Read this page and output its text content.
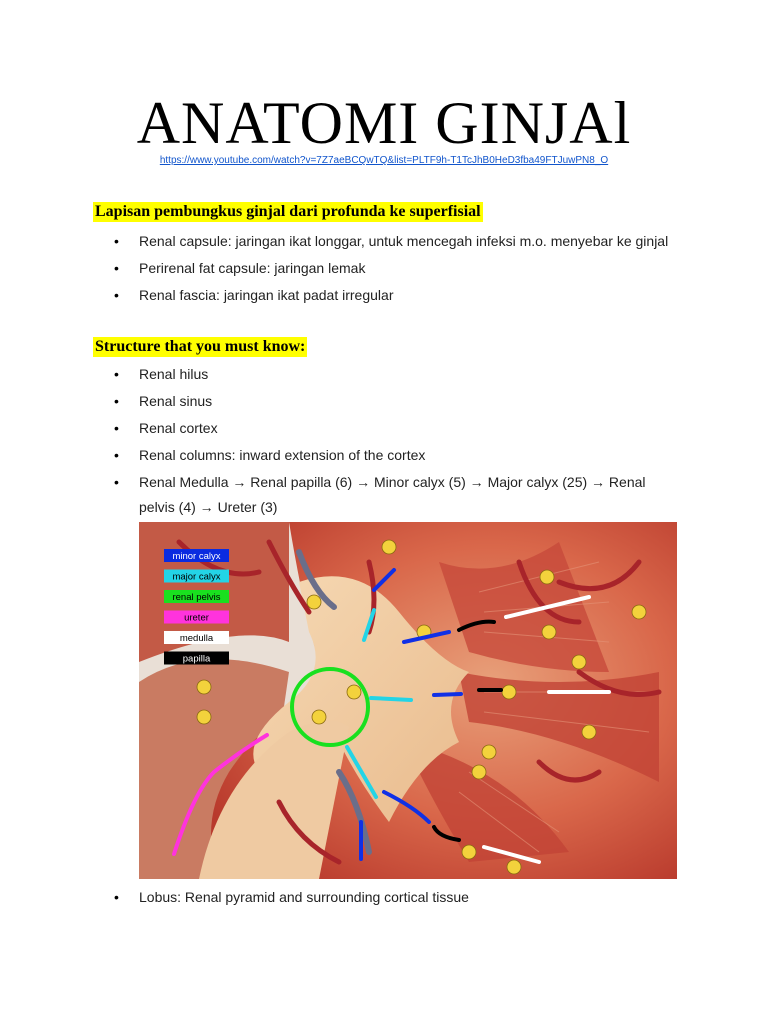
ANATOMI GINJAl
https://www.youtube.com/watch?v=7Z7aeBCQwTQ&list=PLTF9h-T1TcJhB0HeD3fba49FTJuwPN8_O
Lapisan pembungkus ginjal dari profunda ke superfisial
• Renal capsule: jaringan ikat longgar, untuk mencegah infeksi m.o. menyebar ke ginjal
• Perirenal fat capsule: jaringan lemak
• Renal fascia: jaringan ikat padat irregular
Structure that you must know:
• Renal hilus
• Renal sinus
• Renal cortex
• Renal columns: inward extension of the cortex
• Renal Medulla → Renal papilla (6) → Minor calyx (5) → Major calyx (25) → Renal pelvis (4) → Ureter (3)
minor calyx
major calyx
renal pelvis
ureter
medulla
papilla
• Lobus: Renal pyramid and surrounding cortical tissue
